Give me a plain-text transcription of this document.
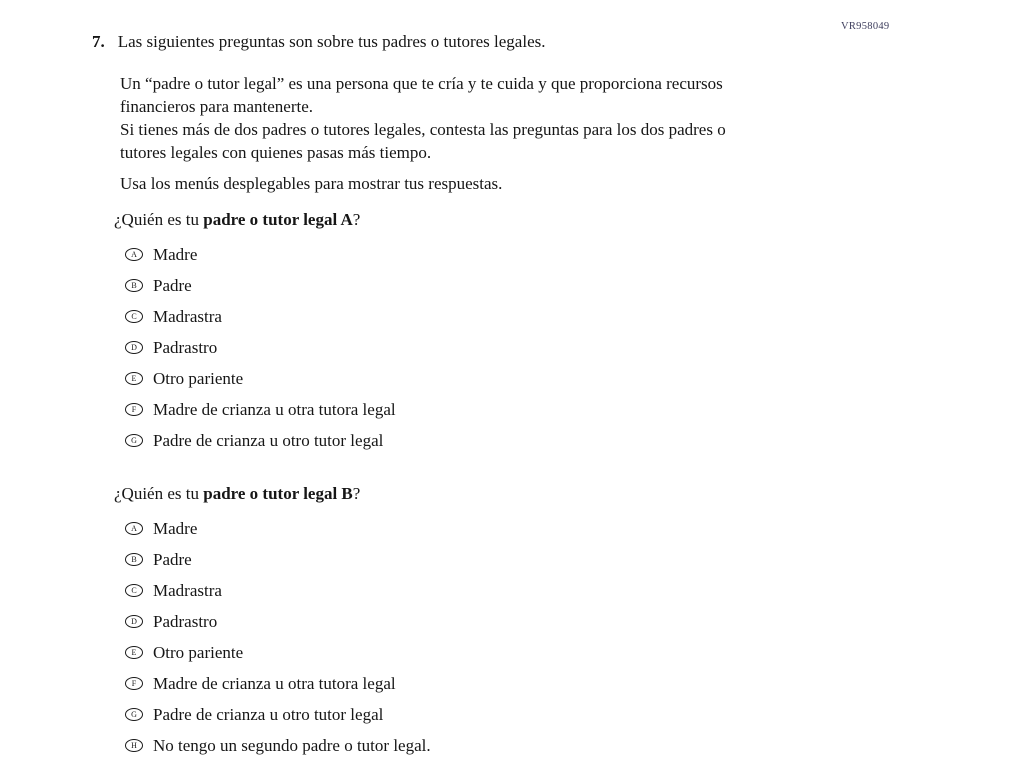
VR958049
7. Las siguientes preguntas son sobre tus padres o tutores legales.
Un “padre o tutor legal” es una persona que te cría y te cuida y que proporciona recursos
financieros para mantenerte.
Si tienes más de dos padres o tutores legales, contesta las preguntas para los dos padres o
tutores legales con quienes pasas más tiempo.
Usa los menús desplegables para mostrar tus respuestas.
¿Quién es tu padre o tutor legal A?
A Madre
B Padre
C Madrastra
D Padrastro
E Otro pariente
F Madre de crianza u otra tutora legal
G Padre de crianza u otro tutor legal
¿Quién es tu padre o tutor legal B?
A Madre
B Padre
C Madrastra
D Padrastro
E Otro pariente
F Madre de crianza u otra tutora legal
G Padre de crianza u otro tutor legal
H No tengo un segundo padre o tutor legal.
